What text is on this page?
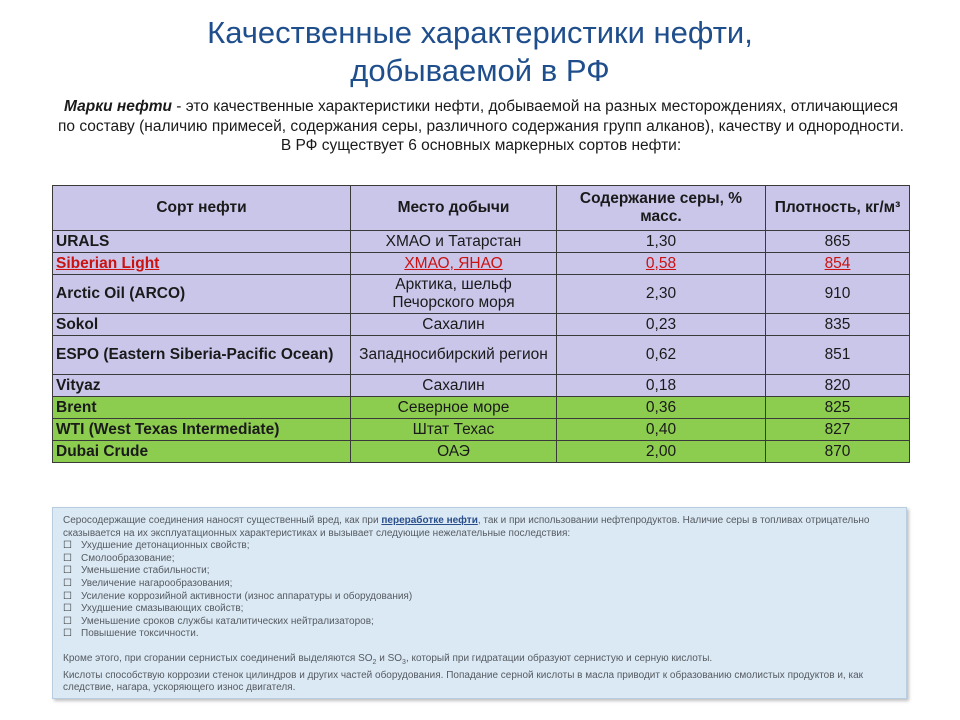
Качественные характеристики нефти,
добываемой в РФ
Марки нефти - это качественные характеристики нефти, добываемой на разных месторождениях, отличающиеся по составу (наличию примесей, содержания серы, различного содержания групп алканов), качеству и однородности. В РФ существует 6 основных маркерных сортов нефти:
Сорт нефти	Место добычи	Содержание серы, % масс.	Плотность, кг/м³
URALS	ХМАО и Татарстан	1,30	865
Siberian Light	ХМАО, ЯНАО	0,58	854
Arctic Oil (ARCO)	Арктика, шельф Печорского моря	2,30	910
Sokol	Сахалин	0,23	835
ESPO (Eastern Siberia-Pacific Ocean)	Западносибирский регион	0,62	851
Vityaz	Сахалин	0,18	820
Brent	Северное море	0,36	825
WTI (West Texas Intermediate)	Штат Техас	0,40	827
Dubai Crude	ОАЭ	2,00	870
Серосодержащие соединения наносят существенный вред, как при переработке нефти, так и при использовании нефтепродуктов. Наличие серы в топливах отрицательно сказывается на их эксплуатационных характеристиках и вызывает следующие нежелательные последствия:
☐ Ухудшение детонационных свойств;
☐ Смолообразование;
☐ Уменьшение стабильности;
☐ Увеличение нагарообразования;
☐ Усиление коррозийной активности (износ аппаратуры и оборудования)
☐ Ухудшение смазывающих свойств;
☐ Уменьшение сроков службы каталитических нейтрализаторов;
☐ Повышение токсичности.
Кроме этого, при сгорании сернистых соединений выделяются $SO_2$ и $SO_3$, который при гидратации образуют сернистую и серную кислоты.
Кислоты способствую коррозии стенок цилиндров и других частей оборудования. Попадание серной кислоты в масла приводит к образованию смолистых продуктов и, как следствие, нагара, ускоряющего износ двигателя.
